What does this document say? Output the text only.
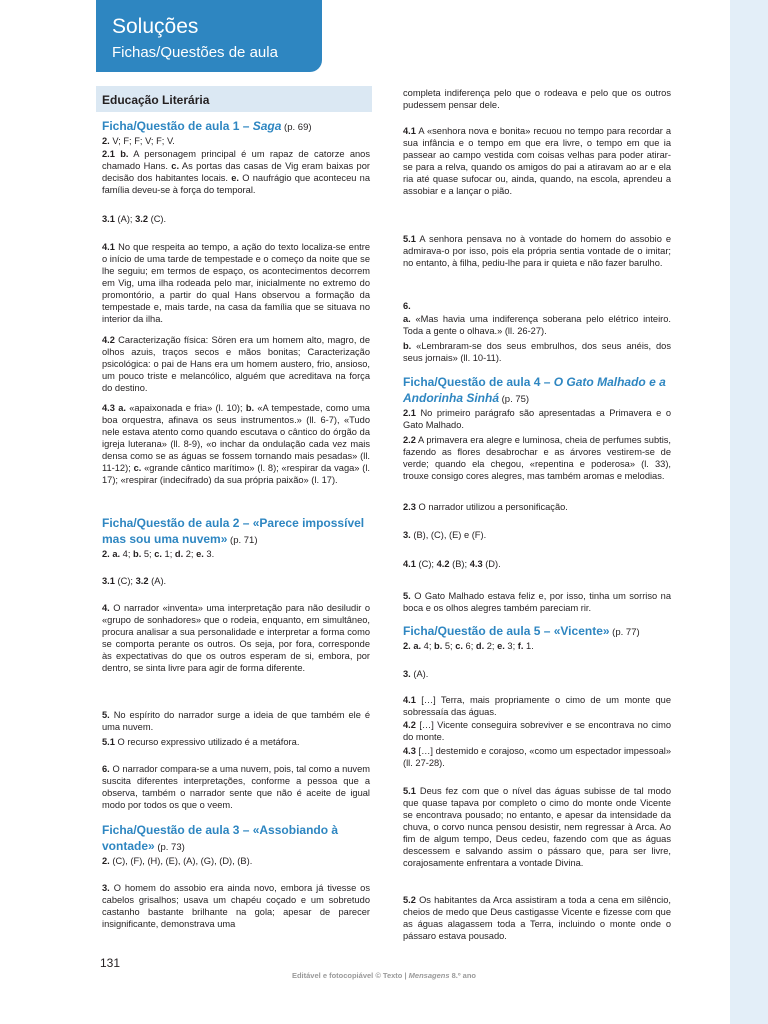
Soluções
Fichas/Questões de aula
Educação Literária

Ficha/Questão de aula 1 – Saga (p. 69)

2. V; F; F; V; F; V.

2.1 b. A personagem principal é um rapaz de catorze anos chamado Hans. c. As portas das casas de Vig eram baixas por decisão dos habitantes locais. e. O naufrágio que aconteceu na família deveu-se à força do temporal.

3.1 (A); 3.2 (C).

4.1 No que respeita ao tempo, a ação do texto localiza-se entre o início de uma tarde de tempestade e o começo da noite que se lhe seguiu; em termos de espaço, os acontecimentos decorrem em Vig, uma ilha rodeada pelo mar, inicialmente no extremo do promontório, a partir do qual Hans observou a formação da tempestade e, mais tarde, na casa da família que se situava no interior da ilha.

4.2 Caracterização física: Sören era um homem alto, magro, de olhos azuis, traços secos e mãos bonitas; Caracterização psicológica: o pai de Hans era um homem austero, frio, ansioso, um pouco triste e melancólico, alguém que acreditava na força do destino.

4.3 a. «apaixonada e fria» (l. 10); b. «A tempestade, como uma boa orquestra, afinava os seus instrumentos.» (ll. 6-7), «Tudo nele estava atento como quando escutava o cântico do órgão da igreja luterana» (ll. 8-9), «o inchar da ondulação cada vez mais densa como se as águas se fossem tornando mais pesadas» (ll. 11-12); c. «grande cântico marítimo» (l. 8); «respirar da vaga» (l. 17); «respirar (indecifrado) da sua própria paixão» (l. 17).

Ficha/Questão de aula 2 – «Parece impossível mas sou uma nuvem» (p. 71)

2. a. 4; b. 5; c. 1; d. 2; e. 3.

3.1 (C); 3.2 (A).

4. O narrador «inventa» uma interpretação para não desiludir o «grupo de sonhadores» que o rodeia, enquanto, em simultâneo, procura analisar a sua personalidade e interpretar a forma como se comporta perante os outros. Os seja, por fora, corresponde às expectativas do que os outros esperam de si, embora, por dentro, se sinta livre para agir de forma diferente.

5. No espírito do narrador surge a ideia de que também ele é uma nuvem.

5.1 O recurso expressivo utilizado é a metáfora.

6. O narrador compara-se a uma nuvem, pois, tal como a nuvem suscita diferentes interpretações, conforme a pessoa que a observa, também o narrador sente que não é aceite de igual modo por todos os que o veem.

Ficha/Questão de aula 3 – «Assobiando à vontade» (p. 73)

2. (C), (F), (H), (E), (A), (G), (D), (B).

3. O homem do assobio era ainda novo, embora já tivesse os cabelos grisalhos; usava um chapéu coçado e um sobretudo castanho bastante brilhante na gola; apesar de parecer insignificante, demonstrava uma

completa indiferença pelo que o rodeava e pelo que os outros pudessem pensar dele.

4.1 A «senhora nova e bonita» recuou no tempo para recordar a sua infância e o tempo em que era livre, o tempo em que ia passear ao campo vestida com coisas velhas para poder atirar-se para a relva, quando os amigos do pai a atiravam ao ar e ela ria até quase sufocar ou, ainda, quando, na escola, aprendeu a assobiar e a lançar o pião.

5.1 A senhora pensava no à vontade do homem do assobio e admirava-o por isso, pois ela própria sentia vontade de o imitar; no entanto, à filha, pediu-lhe para ir quieta e não fazer barulho.

6.

a. «Mas havia uma indiferença soberana pelo elétrico inteiro. Toda a gente o olhava.» (ll. 26-27).

b. «Lembraram-se dos seus embrulhos, dos seus anéis, dos seus jornais» (ll. 10-11).

Ficha/Questão de aula 4 – O Gato Malhado e a Andorinha Sinhá (p. 75)

2.1 No primeiro parágrafo são apresentadas a Primavera e o Gato Malhado.

2.2 A primavera era alegre e luminosa, cheia de perfumes subtis, fazendo as flores desabrochar e as árvores vestirem-se de verde; quando ela chegou, «repentina e poderosa» (l. 33), trouxe consigo cores alegres, mas também aromas e melodias.

2.3 O narrador utilizou a personificação.

3. (B), (C), (E) e (F).

4.1 (C); 4.2 (B); 4.3 (D).

5. O Gato Malhado estava feliz e, por isso, tinha um sorriso na boca e os olhos alegres também pareciam rir.

Ficha/Questão de aula 5 – «Vicente» (p. 77)

2. a. 4; b. 5; c. 6; d. 2; e. 3; f. 1.

3. (A).

4.1 […] Terra, mais propriamente o cimo de um monte que sobressaía das águas.

4.2 […] Vicente conseguira sobreviver e se encontrava no cimo do monte.

4.3 […] destemido e corajoso, «como um espectador impessoal» (ll. 27-28).

5.1 Deus fez com que o nível das águas subisse de tal modo que quase tapava por completo o cimo do monte onde Vicente se encontrava pousado; no entanto, e apesar da intensidade da chuva, o corvo nunca pensou desistir, nem regressar à Arca. Ao fim de algum tempo, Deus cedeu, fazendo com que as águas descessem e salvando assim o pássaro que, para ser livre, corajosamente enfrentara a vontade Divina.

5.2 Os habitantes da Arca assistiram a toda a cena em silêncio, cheios de medo que Deus castigasse Vicente e fizesse com que as águas alagassem toda a Terra, incluindo o monte onde o pássaro estava pousado.

131
Editável e fotocopiável © Texto | Mensagens 8.º ano
